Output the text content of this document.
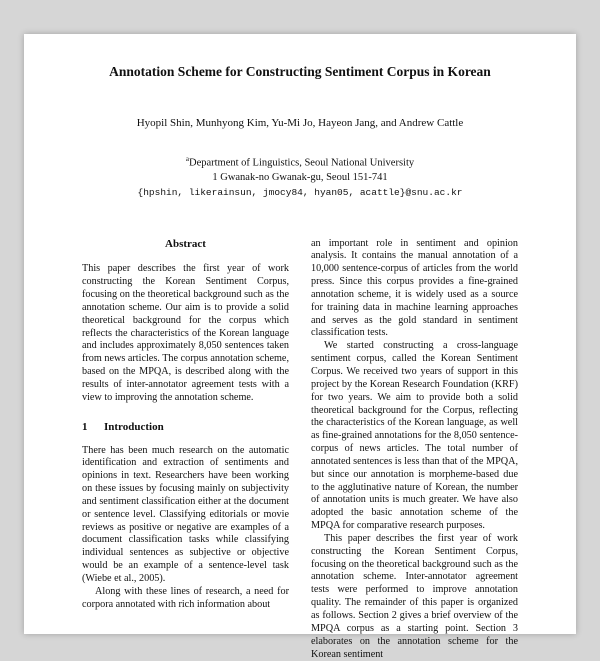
Annotation Scheme for Constructing Sentiment Corpus in Korean
Hyopil Shin, Munhyong Kim, Yu-Mi Jo, Hayeon Jang, and Andrew Cattle
$^a$Department of Linguistics, Seoul National University
1 Gwanak-no Gwanak-gu, Seoul 151-741
{hpshin, likerainsun, jmocy84, hyan05, acattle}@snu.ac.kr
Abstract

This paper describes the first year of work constructing the Korean Sentiment Corpus, focusing on the theoretical background such as the annotation scheme. Our aim is to provide a solid theoretical background for the corpus which reflects the characteristics of the Korean language and includes approximately 8,050 sentences taken from news articles. The corpus annotation scheme, based on the MPQA, is described along with the results of inter-annotator agreement tests with a view to improving the annotation scheme.

1	Introduction

There has been much research on the automatic identification and extraction of sentiments and opinions in text. Researchers have been working on these issues by focusing mainly on subjectivity and sentiment classification either at the document or sentence level. Classifying editorials or movie reviews as positive or negative are examples of a document classification tasks while classifying individual sentences as subjective or objective would be an example of a sentence-level task (Wiebe et al., 2005).

Along with these lines of research, a need for corpora annotated with rich information about

an important role in sentiment and opinion analysis. It contains the manual annotation of a 10,000 sentence-corpus of articles from the world press. Since this corpus provides a fine-grained annotation scheme, it is widely used as a source for training data in machine learning approaches and serves as the gold standard in sentiment classification tests.

We started constructing a cross-language sentiment corpus, called the Korean Sentiment Corpus. We received two years of support in this project by the Korean Research Foundation (KRF) for two years. We aim to provide both a solid theoretical background for the Corpus, reflecting the characteristics of the Korean language, as well as fine-grained annotations for the 8,050 sentence-corpus of news articles. The total number of annotated sentences is less than that of the MPQA, but since our annotation is morpheme-based due to the agglutinative nature of Korean, the number of annotation units is much greater. We have also adopted the basic annotation scheme of the MPQA for comparative research purposes.

This paper describes the first year of work constructing the Korean Sentiment Corpus, focusing on the theoretical background such as the annotation scheme. Inter-annotator agreement tests were performed to improve annotation quality. The remainder of this paper is organized as follows. Section 2 gives a brief overview of the MPQA corpus as a starting point. Section 3 elaborates on the annotation scheme for the Korean sentiment
